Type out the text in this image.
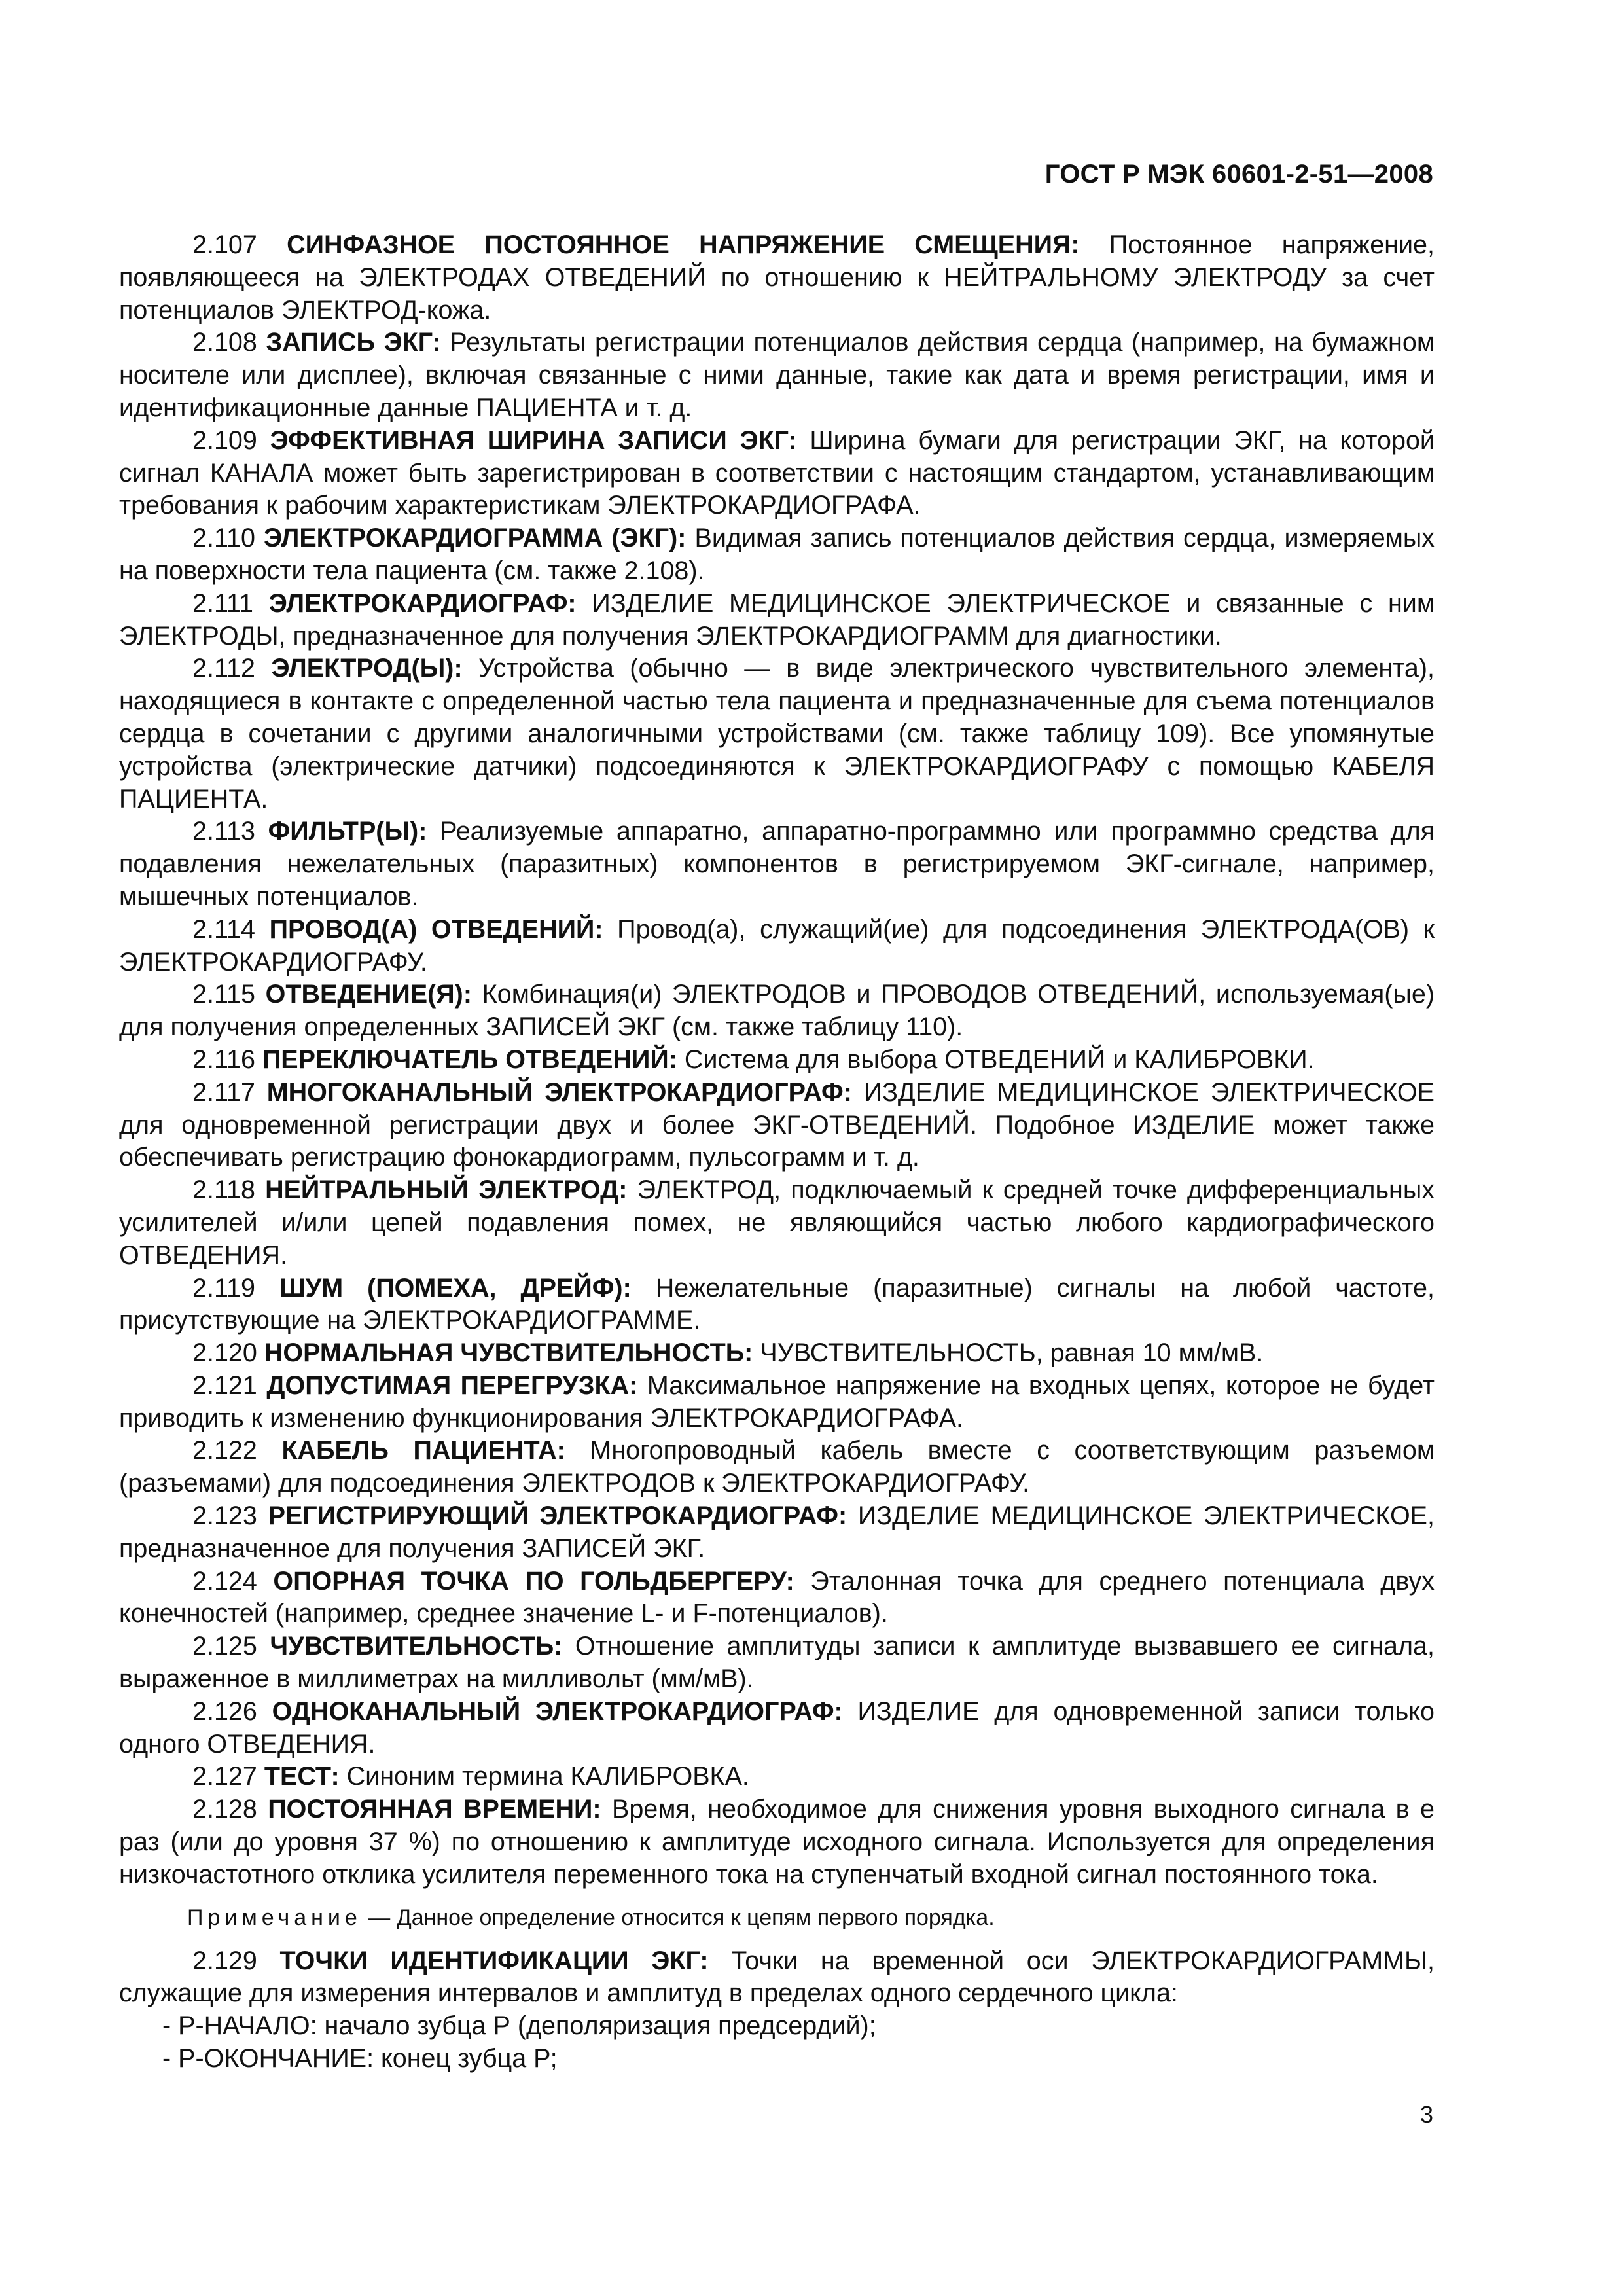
ГОСТ Р МЭК 60601-2-51—2008

2.107 СИНФАЗНОЕ ПОСТОЯННОЕ НАПРЯЖЕНИЕ СМЕЩЕНИЯ: Постоянное напряжение, появляющееся на ЭЛЕКТРОДАХ ОТВЕДЕНИЙ по отношению к НЕЙТРАЛЬНОМУ ЭЛЕКТРОДУ за счет потенциалов ЭЛЕКТРОД-кожа.

2.108 ЗАПИСЬ ЭКГ: Результаты регистрации потенциалов действия сердца (например, на бумажном носителе или дисплее), включая связанные с ними данные, такие как дата и время регистрации, имя и идентификационные данные ПАЦИЕНТА и т. д.

2.109 ЭФФЕКТИВНАЯ ШИРИНА ЗАПИСИ ЭКГ: Ширина бумаги для регистрации ЭКГ, на которой сигнал КАНАЛА может быть зарегистрирован в соответствии с настоящим стандартом, устанавливающим требования к рабочим характеристикам ЭЛЕКТРОКАРДИОГРАФА.

2.110 ЭЛЕКТРОКАРДИОГРАММА (ЭКГ): Видимая запись потенциалов действия сердца, измеряемых на поверхности тела пациента (см. также 2.108).

2.111 ЭЛЕКТРОКАРДИОГРАФ: ИЗДЕЛИЕ МЕДИЦИНСКОЕ ЭЛЕКТРИЧЕСКОЕ и связанные с ним ЭЛЕКТРОДЫ, предназначенное для получения ЭЛЕКТРОКАРДИОГРАММ для диагностики.

2.112 ЭЛЕКТРОД(Ы): Устройства (обычно — в виде электрического чувствительного элемента), находящиеся в контакте с определенной частью тела пациента и предназначенные для съема потенциалов сердца в сочетании с другими аналогичными устройствами (см. также таблицу 109). Все упомянутые устройства (электрические датчики) подсоединяются к ЭЛЕКТРОКАРДИОГРАФУ с помощью КАБЕЛЯ ПАЦИЕНТА.

2.113 ФИЛЬТР(Ы): Реализуемые аппаратно, аппаратно-программно или программно средства для подавления нежелательных (паразитных) компонентов в регистрируемом ЭКГ-сигнале, например, мышечных потенциалов.

2.114 ПРОВОД(А) ОТВЕДЕНИЙ: Провод(а), служащий(ие) для подсоединения ЭЛЕКТРОДА(ОВ) к ЭЛЕКТРОКАРДИОГРАФУ.

2.115 ОТВЕДЕНИЕ(Я): Комбинация(и) ЭЛЕКТРОДОВ и ПРОВОДОВ ОТВЕДЕНИЙ, используемая(ые) для получения определенных ЗАПИСЕЙ ЭКГ (см. также таблицу 110).

2.116 ПЕРЕКЛЮЧАТЕЛЬ ОТВЕДЕНИЙ: Система для выбора ОТВЕДЕНИЙ и КАЛИБРОВКИ.

2.117 МНОГОКАНАЛЬНЫЙ ЭЛЕКТРОКАРДИОГРАФ: ИЗДЕЛИЕ МЕДИЦИНСКОЕ ЭЛЕКТРИЧЕСКОЕ для одновременной регистрации двух и более ЭКГ-ОТВЕДЕНИЙ. Подобное ИЗДЕЛИЕ может также обеспечивать регистрацию фонокардиограмм, пульсограмм и т. д.

2.118 НЕЙТРАЛЬНЫЙ ЭЛЕКТРОД: ЭЛЕКТРОД, подключаемый к средней точке дифференциальных усилителей и/или цепей подавления помех, не являющийся частью любого кардиографического ОТВЕДЕНИЯ.

2.119 ШУМ (ПОМЕХА, ДРЕЙФ): Нежелательные (паразитные) сигналы на любой частоте, присутствующие на ЭЛЕКТРОКАРДИОГРАММЕ.

2.120 НОРМАЛЬНАЯ ЧУВСТВИТЕЛЬНОСТЬ: ЧУВСТВИТЕЛЬНОСТЬ, равная 10 мм/мВ.

2.121 ДОПУСТИМАЯ ПЕРЕГРУЗКА: Максимальное напряжение на входных цепях, которое не будет приводить к изменению функционирования ЭЛЕКТРОКАРДИОГРАФА.

2.122 КАБЕЛЬ ПАЦИЕНТА: Многопроводный кабель вместе с соответствующим разъемом (разъемами) для подсоединения ЭЛЕКТРОДОВ к ЭЛЕКТРОКАРДИОГРАФУ.

2.123 РЕГИСТРИРУЮЩИЙ ЭЛЕКТРОКАРДИОГРАФ: ИЗДЕЛИЕ МЕДИЦИНСКОЕ ЭЛЕКТРИЧЕСКОЕ, предназначенное для получения ЗАПИСЕЙ ЭКГ.

2.124 ОПОРНАЯ ТОЧКА ПО ГОЛЬДБЕРГЕРУ: Эталонная точка для среднего потенциала двух конечностей (например, среднее значение L- и F-потенциалов).

2.125 ЧУВСТВИТЕЛЬНОСТЬ: Отношение амплитуды записи к амплитуде вызвавшего ее сигнала, выраженное в миллиметрах на милливольт (мм/мВ).

2.126 ОДНОКАНАЛЬНЫЙ ЭЛЕКТРОКАРДИОГРАФ: ИЗДЕЛИЕ для одновременной записи только одного ОТВЕДЕНИЯ.

2.127 ТЕСТ: Синоним термина КАЛИБРОВКА.

2.128 ПОСТОЯННАЯ ВРЕМЕНИ: Время, необходимое для снижения уровня выходного сигнала в е раз (или до уровня 37 %) по отношению к амплитуде исходного сигнала. Используется для определения низкочастотного отклика усилителя переменного тока на ступенчатый входной сигнал постоянного тока.

Примечание — Данное определение относится к цепям первого порядка.

2.129 ТОЧКИ ИДЕНТИФИКАЦИИ ЭКГ: Точки на временной оси ЭЛЕКТРОКАРДИОГРАММЫ, служащие для измерения интервалов и амплитуд в пределах одного сердечного цикла:

- Р-НАЧАЛО: начало зубца Р (деполяризация предсердий);

- Р-ОКОНЧАНИЕ: конец зубца Р;

3
